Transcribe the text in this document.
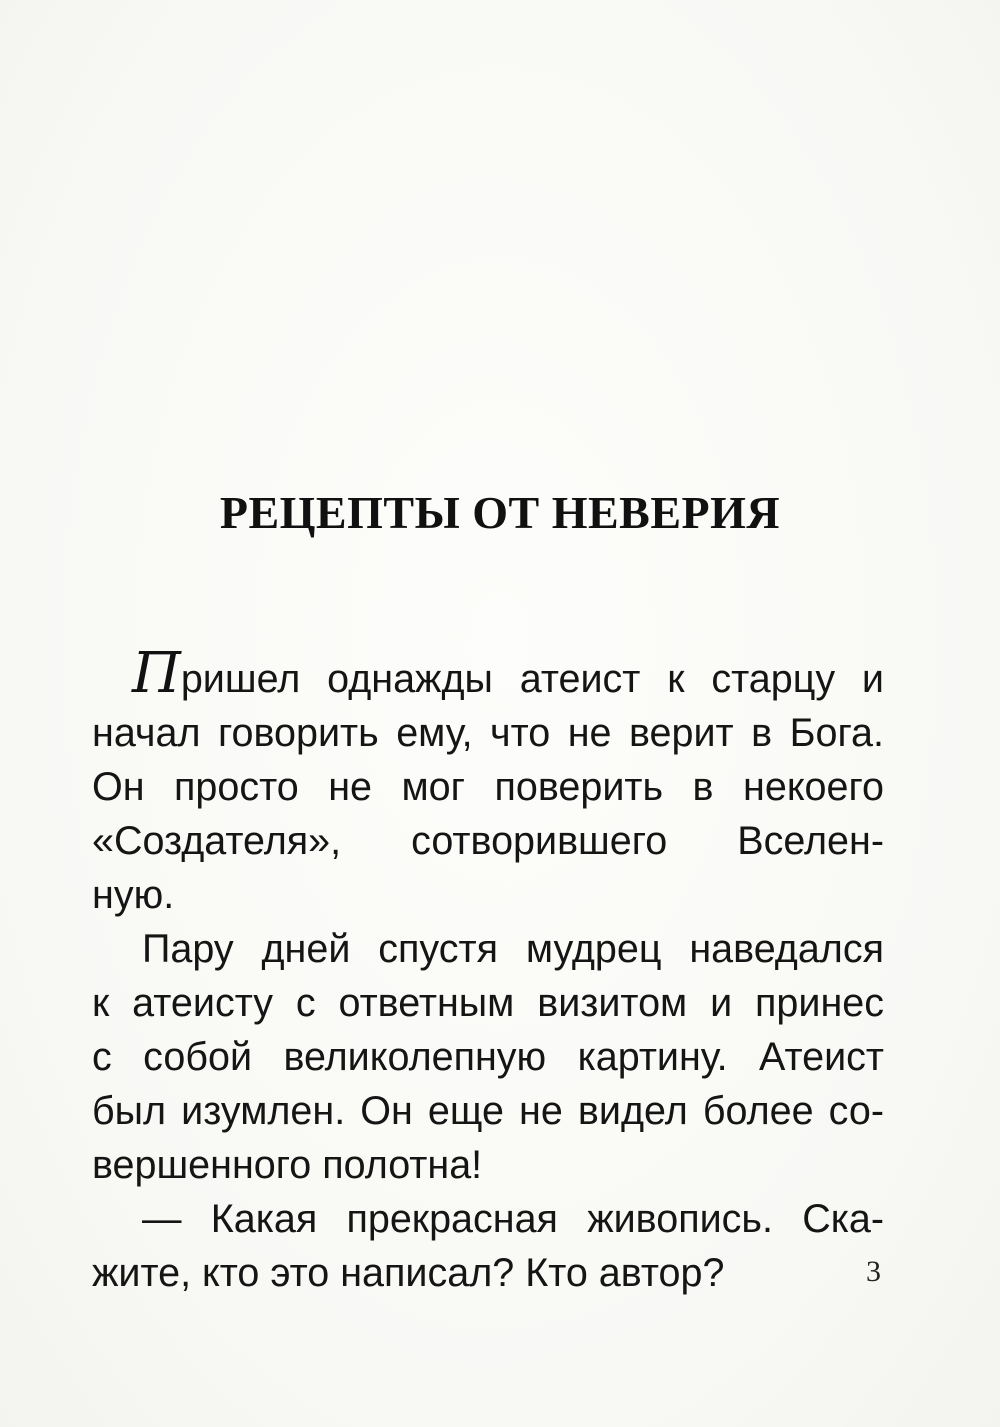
РЕЦЕПТЫ ОТ НЕВЕРИЯ

Пришел однажды атеист к старцу и
начал говорить ему, что не верит в Бога.
Он просто не мог поверить в некоего
«Создателя», сотворившего Вселен-
ную.

Пару дней спустя мудрец наведался
к атеисту с ответным визитом и принес
с собой великолепную картину. Атеист
был изумлен. Он еще не видел более со-
вершенного полотна!

— Какая прекрасная живопись. Ска-
жите, кто это написал? Кто автор?	3
